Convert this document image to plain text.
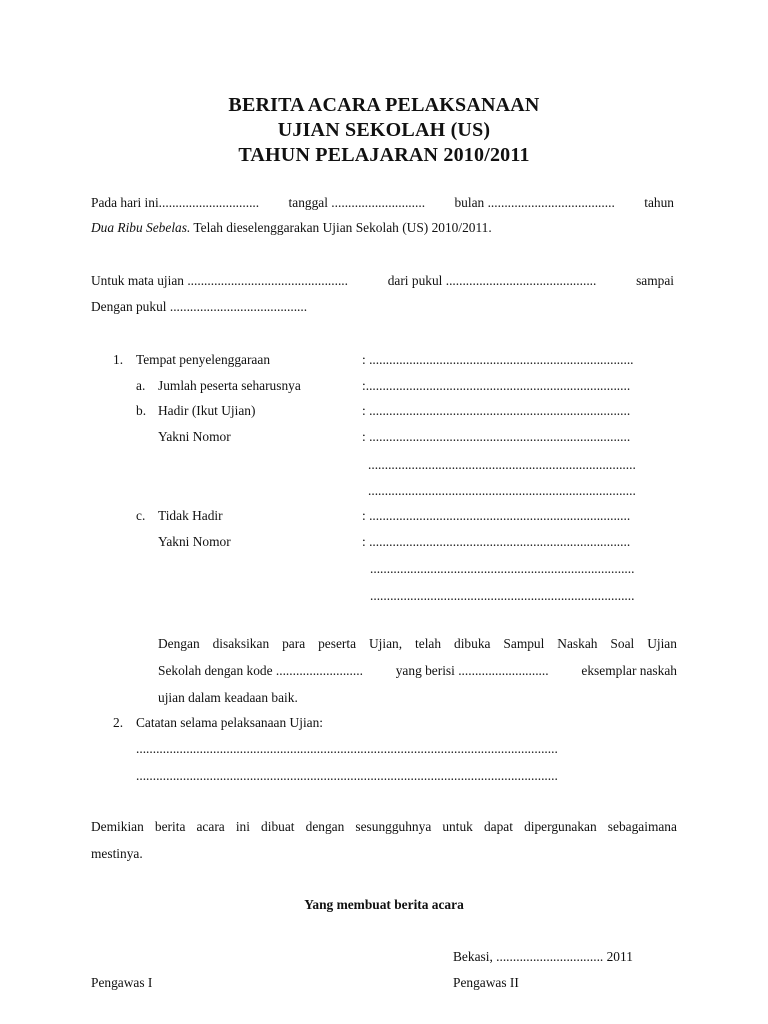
BERITA ACARA PELAKSANAAN
UJIAN SEKOLAH (US)
TAHUN PELAJARAN 2010/2011
Pada hari ini.............................. tanggal ............................ bulan ...................................... tahun
Dua Ribu Sebelas. Telah dieselenggarakan Ujian Sekolah (US) 2010/2011.
Untuk mata ujian ................................................	dari pukul .............................................	sampai
Dengan pukul .........................................
1. Tempat penyelenggaraan	: ...............................................................................
a. Jumlah peserta seharusnya	:...............................................................................
b. Hadir (Ikut Ujian)	: ..............................................................................
Yakni Nomor	: ..............................................................................
................................................................................
................................................................................
c. Tidak Hadir	: ..............................................................................
Yakni Nomor	: ..............................................................................
...............................................................................
...............................................................................
Dengan disaksikan para peserta Ujian, telah dibuka Sampul Naskah Soal Ujian
Sekolah dengan kode .......................... yang berisi ........................... eksemplar naskah
ujian dalam keadaan baik.
2. Catatan selama pelaksanaan Ujian:
..............................................................................................................................
..............................................................................................................................
Demikian berita acara ini dibuat dengan sesungguhnya untuk dapat dipergunakan sebagaimana
mestinya.
Yang membuat berita acara
Bekasi, ................................ 2011
Pengawas I	Pengawas II
